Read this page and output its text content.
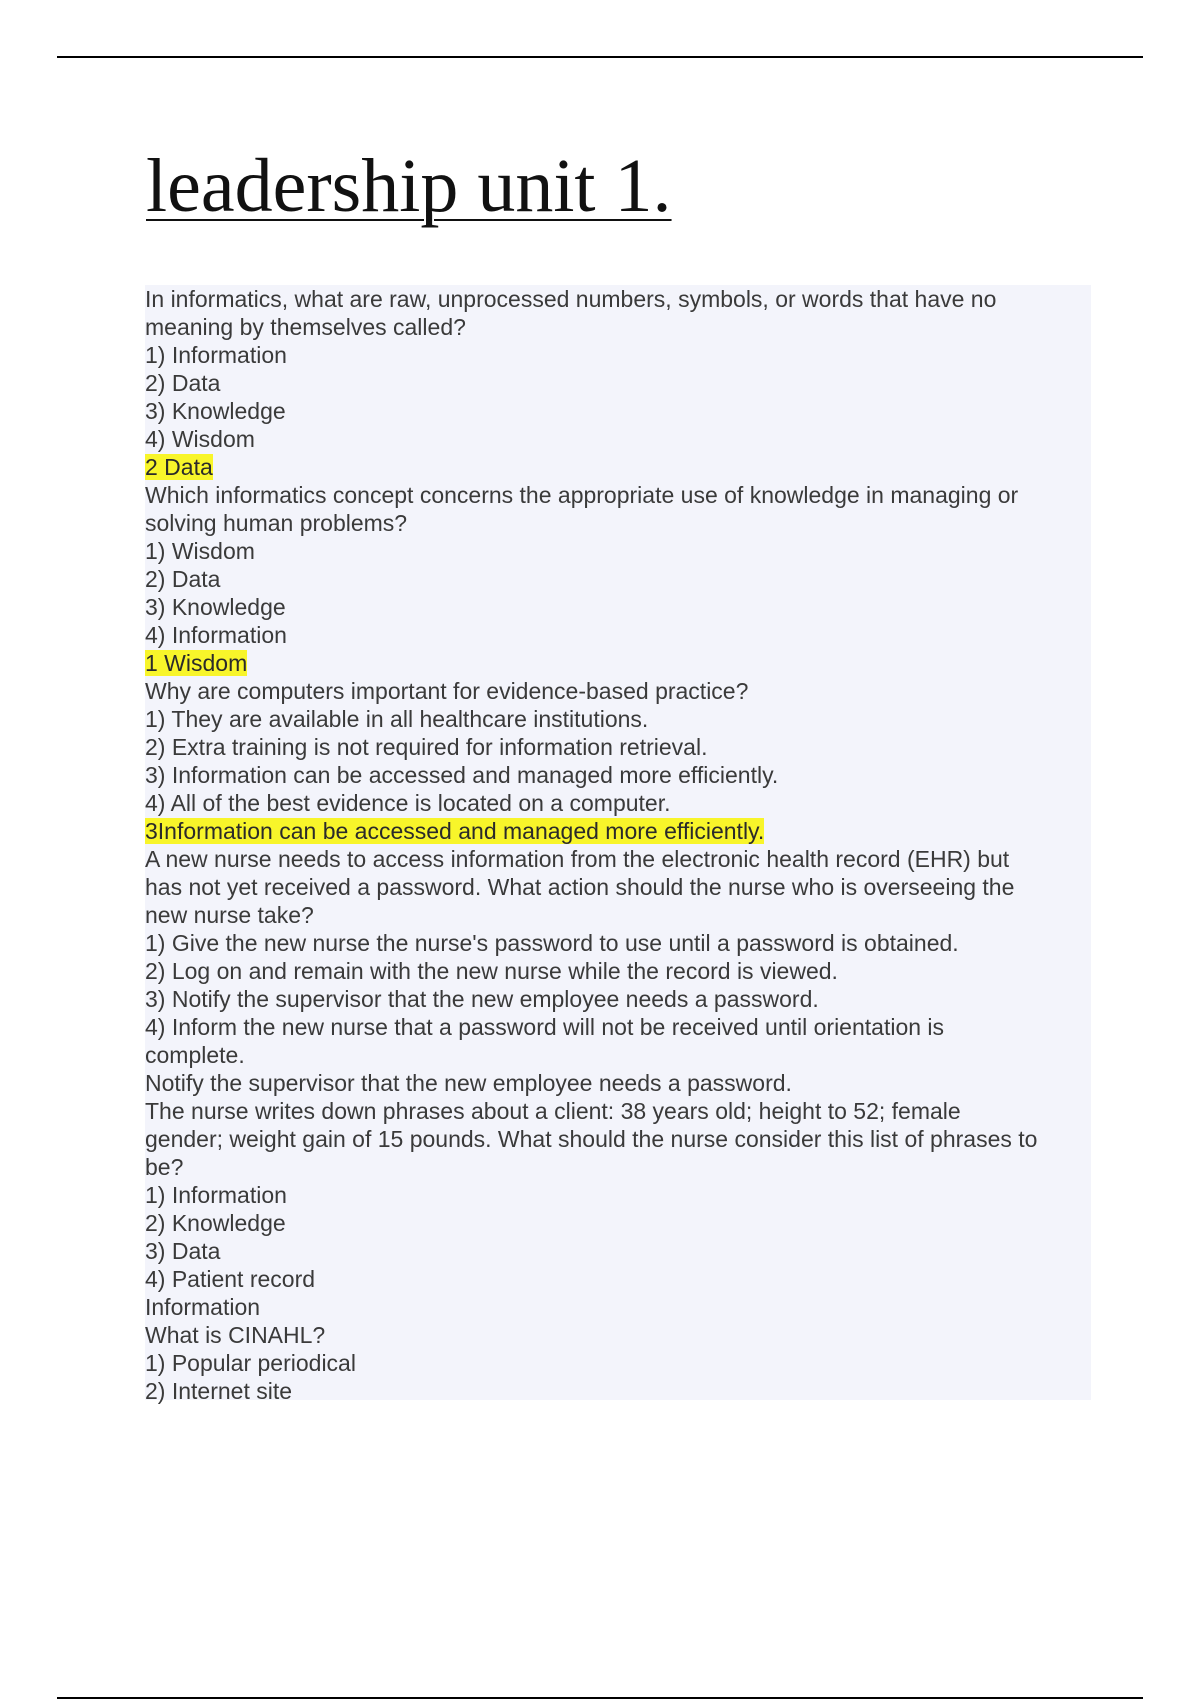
leadership unit 1.
In informatics, what are raw, unprocessed numbers, symbols, or words that have no
meaning by themselves called?
1) Information
2) Data
3) Knowledge
4) Wisdom
2 Data
Which informatics concept concerns the appropriate use of knowledge in managing or
solving human problems?
1) Wisdom
2) Data
3) Knowledge
4) Information
1 Wisdom
Why are computers important for evidence-based practice?
1) They are available in all healthcare institutions.
2) Extra training is not required for information retrieval.
3) Information can be accessed and managed more efficiently.
4) All of the best evidence is located on a computer.
3Information can be accessed and managed more efficiently.
A new nurse needs to access information from the electronic health record (EHR) but
has not yet received a password. What action should the nurse who is overseeing the
new nurse take?
1) Give the new nurse the nurse's password to use until a password is obtained.
2) Log on and remain with the new nurse while the record is viewed.
3) Notify the supervisor that the new employee needs a password.
4) Inform the new nurse that a password will not be received until orientation is
complete.
Notify the supervisor that the new employee needs a password.
The nurse writes down phrases about a client: 38 years old; height to 52; female
gender; weight gain of 15 pounds. What should the nurse consider this list of phrases to
be?
1) Information
2) Knowledge
3) Data
4) Patient record
Information
What is CINAHL?
1) Popular periodical
2) Internet site
